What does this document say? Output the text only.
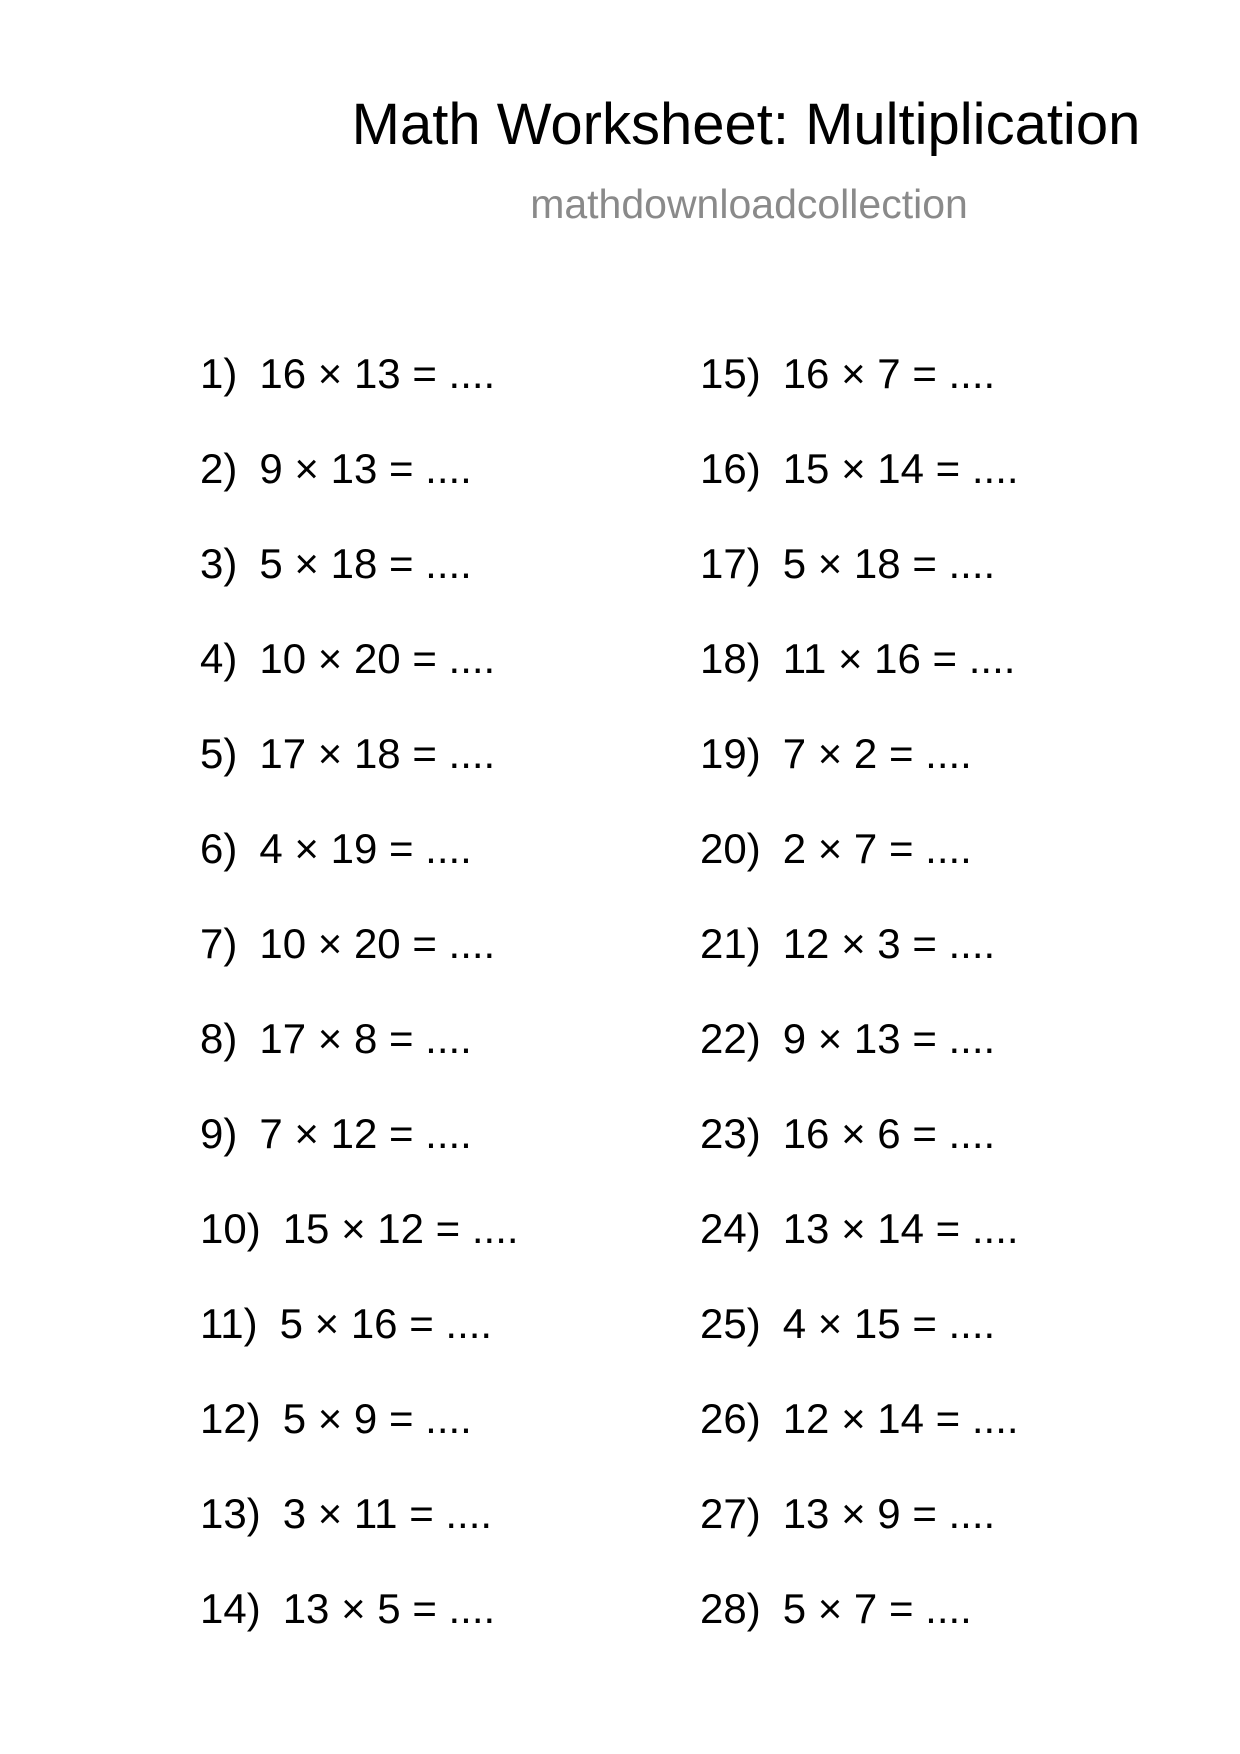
Math Worksheet: Multiplication
mathdownloadcollection
1) 16 × 13 = ....
2) 9 × 13 = ....
3) 5 × 18 = ....
4) 10 × 20 = ....
5) 17 × 18 = ....
6) 4 × 19 = ....
7) 10 × 20 = ....
8) 17 × 8 = ....
9) 7 × 12 = ....
10) 15 × 12 = ....
11) 5 × 16 = ....
12) 5 × 9 = ....
13) 3 × 11 = ....
14) 13 × 5 = ....
15) 16 × 7 = ....
16) 15 × 14 = ....
17) 5 × 18 = ....
18) 11 × 16 = ....
19) 7 × 2 = ....
20) 2 × 7 = ....
21) 12 × 3 = ....
22) 9 × 13 = ....
23) 16 × 6 = ....
24) 13 × 14 = ....
25) 4 × 15 = ....
26) 12 × 14 = ....
27) 13 × 9 = ....
28) 5 × 7 = ....
